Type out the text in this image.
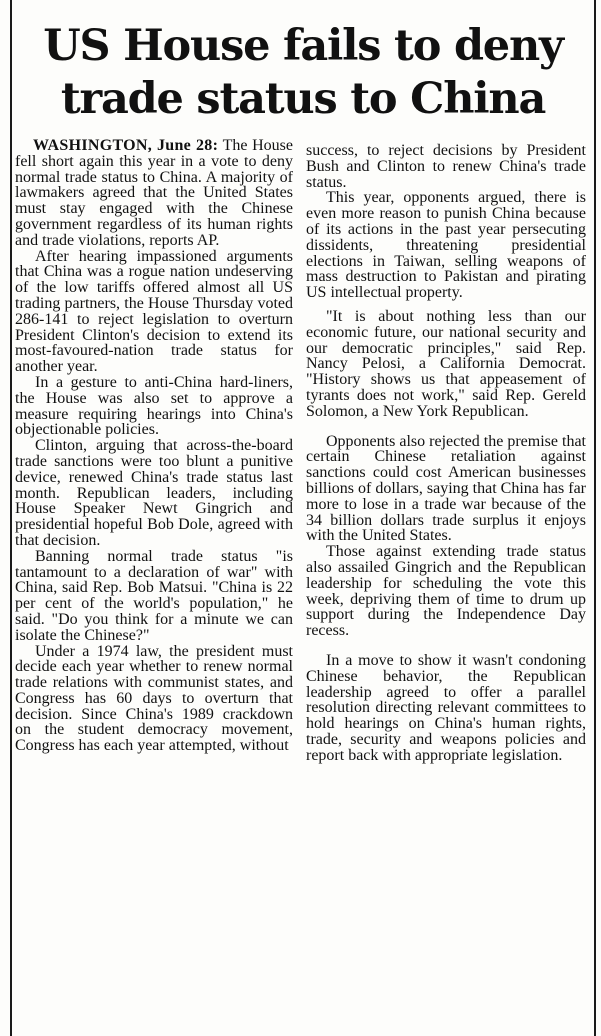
US House fails to deny
trade status to China

WASHINGTON, June 28: The House fell short again this year in a vote to deny normal trade status to China. A majority of lawmakers agreed that the United States must stay engaged with the Chinese government regardless of its human rights and trade violations, reports AP.

After hearing impassioned arguments that China was a rogue nation undeserving of the low tariffs offered almost all US trading partners, the House Thursday voted 286-141 to reject legislation to overturn President Clinton's decision to extend its most-favoured-nation trade status for another year.

In a gesture to anti-China hard-liners, the House was also set to approve a measure requiring hearings into China's objectionable policies.

Clinton, arguing that across-the-board trade sanctions were too blunt a punitive device, renewed China's trade status last month. Republican leaders, including House Speaker Newt Gingrich and presidential hopeful Bob Dole, agreed with that decision.

Banning normal trade status "is tantamount to a declaration of war" with China, said Rep. Bob Matsui. "China is 22 per cent of the world's population," he said. "Do you think for a minute we can isolate the Chinese?"

Under a 1974 law, the president must decide each year whether to renew normal trade relations with communist states, and Congress has 60 days to overturn that decision. Since China's 1989 crackdown on the student democracy movement, Congress has each year attempted, without

success, to reject decisions by President Bush and Clinton to renew China's trade status.

This year, opponents argued, there is even more reason to punish China because of its actions in the past year persecuting dissidents, threatening presidential elections in Taiwan, selling weapons of mass destruction to Pakistan and pirating US intellectual property.

"It is about nothing less than our economic future, our national security and our democratic principles," said Rep. Nancy Pelosi, a California Democrat. "History shows us that appeasement of tyrants does not work," said Rep. Gereld Solomon, a New York Republican.

Opponents also rejected the premise that certain Chinese retaliation against sanctions could cost American businesses billions of dollars, saying that China has far more to lose in a trade war because of the 34 billion dollars trade surplus it enjoys with the United States.

Those against extending trade status also assailed Gingrich and the Republican leadership for scheduling the vote this week, depriving them of time to drum up support during the Independence Day recess.

In a move to show it wasn't condoning Chinese behavior, the Republican leadership agreed to offer a parallel resolution directing relevant committees to hold hearings on China's human rights, trade, security and weapons policies and report back with appropriate legislation.
